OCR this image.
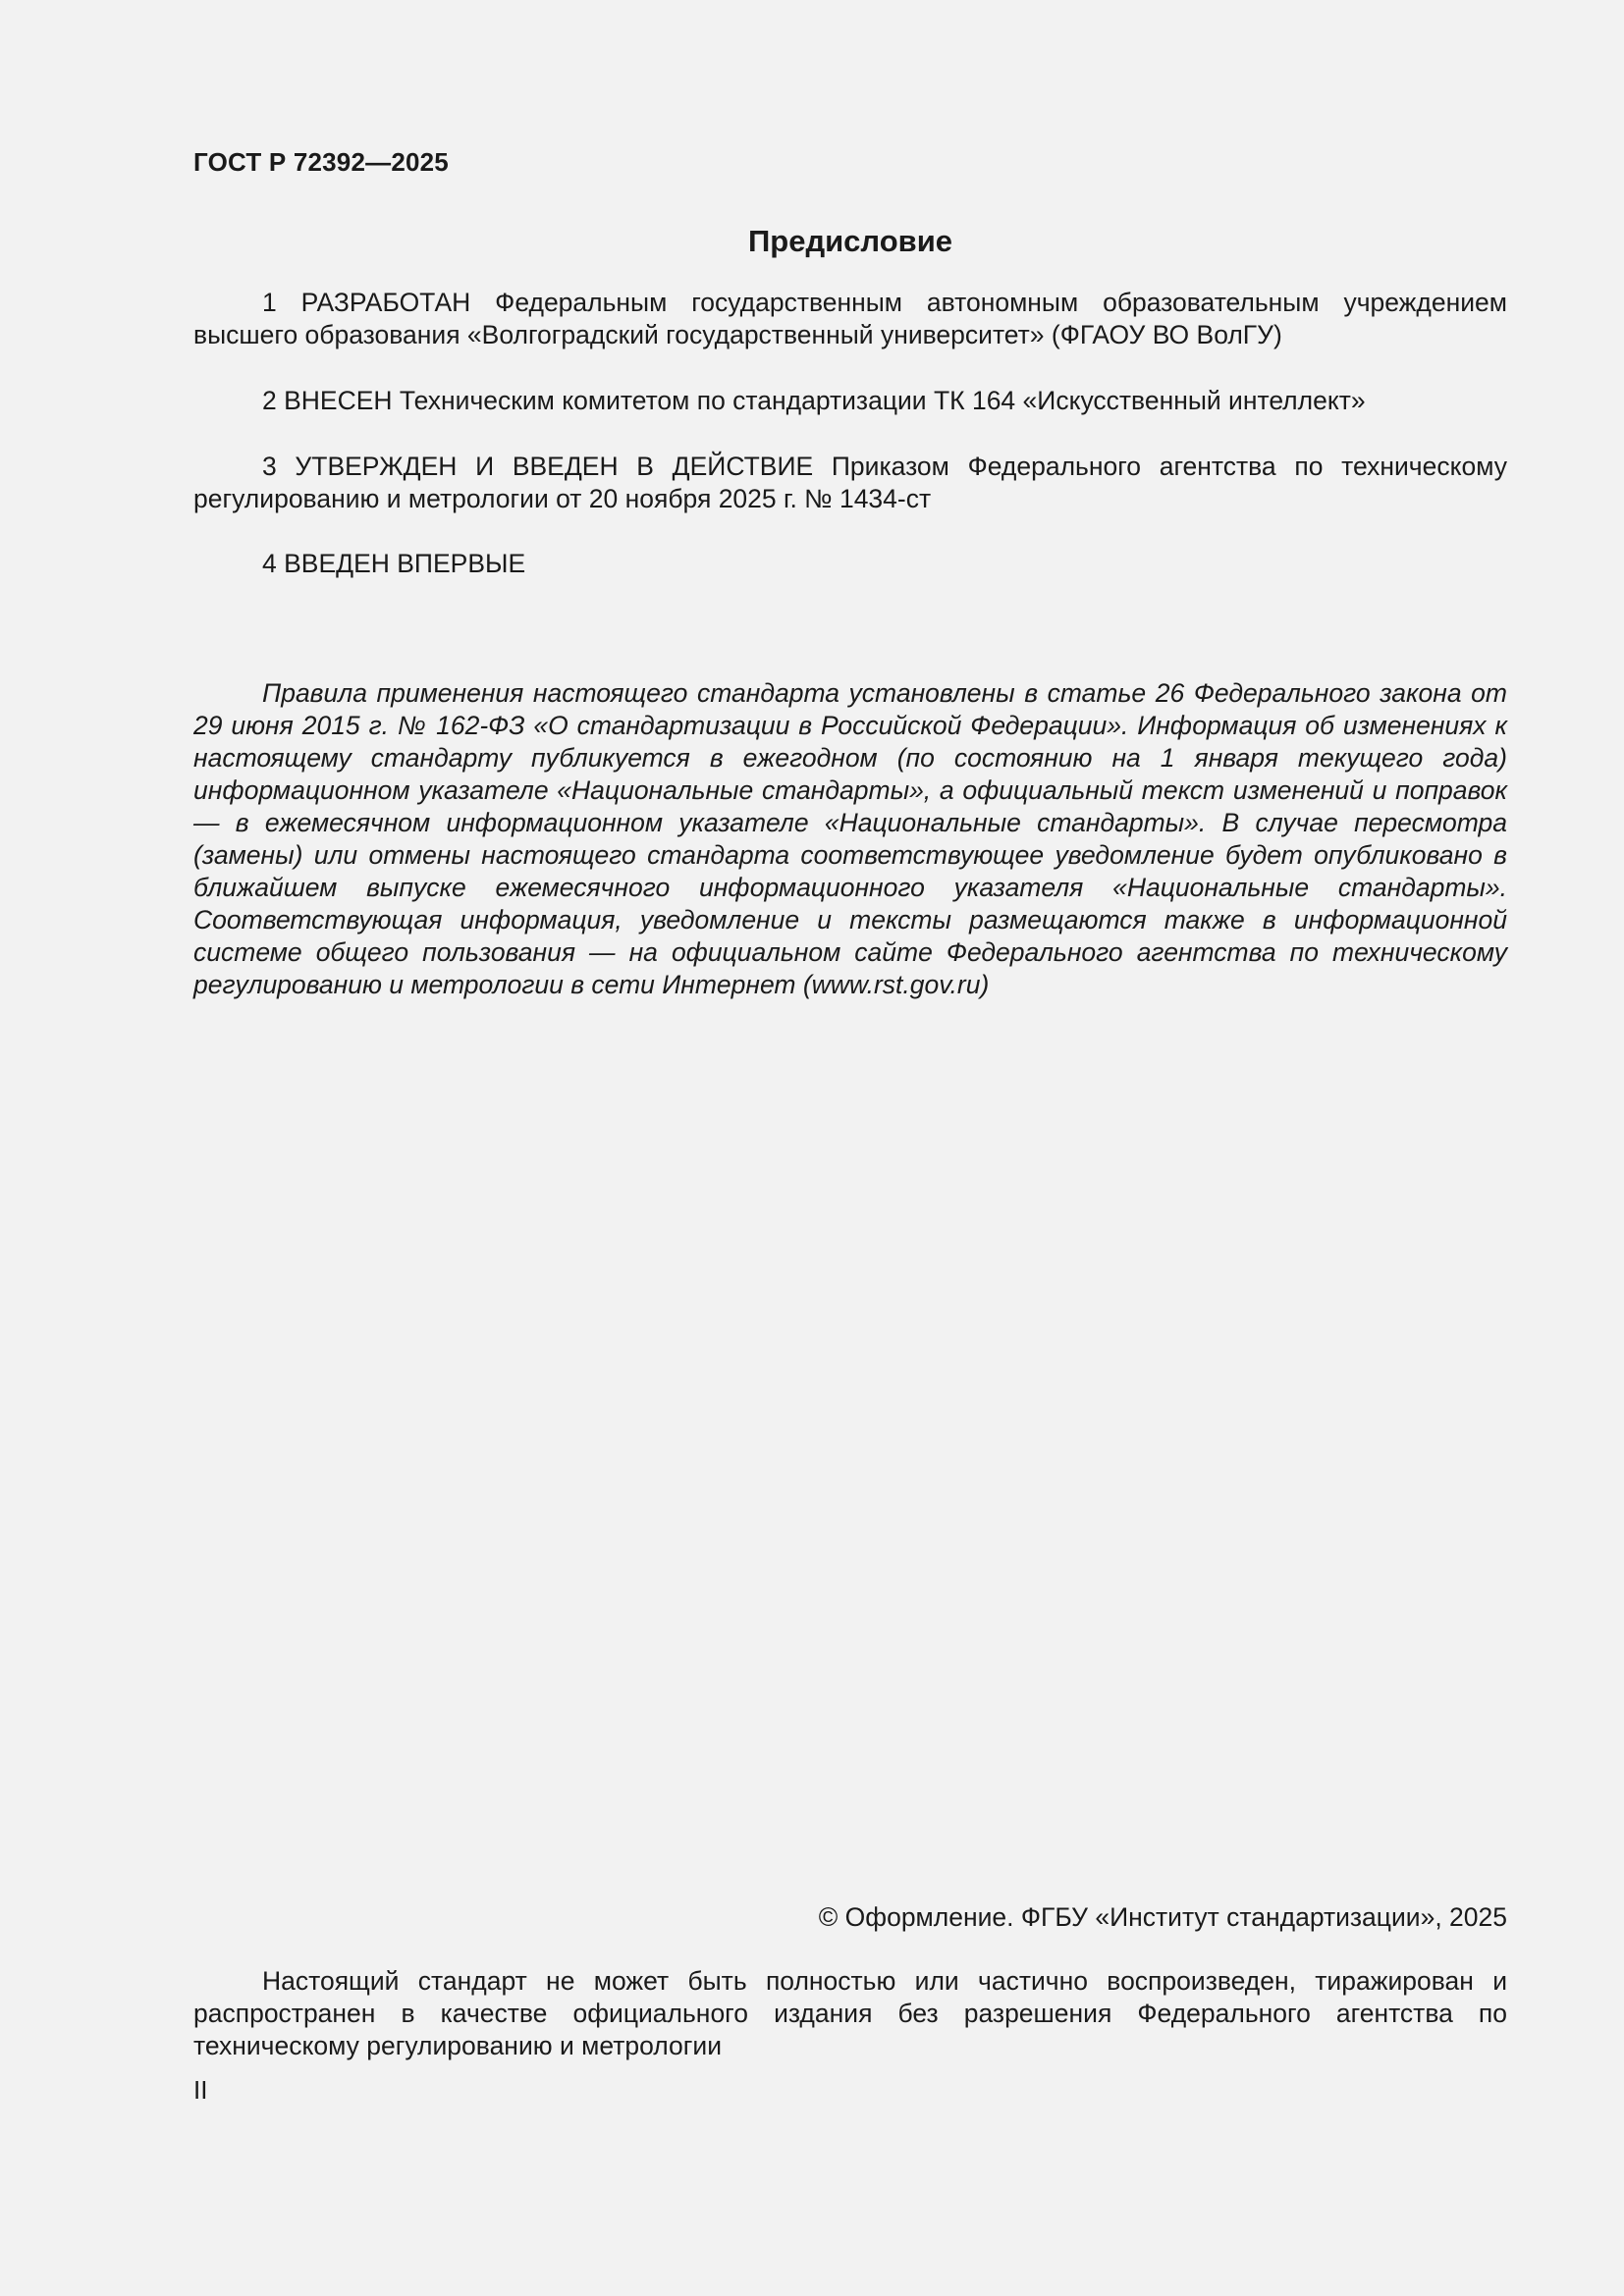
ГОСТ Р 72392—2025
Предисловие

1 РАЗРАБОТАН Федеральным государственным автономным образовательным учреждением высшего образования «Волгоградский государственный университет» (ФГАОУ ВО ВолГУ)

2 ВНЕСЕН Техническим комитетом по стандартизации ТК 164 «Искусственный интеллект»

3 УТВЕРЖДЕН И ВВЕДЕН В ДЕЙСТВИЕ Приказом Федерального агентства по техническому регулированию и метрологии от 20 ноября 2025 г. № 1434-ст

4 ВВЕДЕН ВПЕРВЫЕ

Правила применения настоящего стандарта установлены в статье 26 Федерального закона от 29 июня 2015 г. № 162-ФЗ «О стандартизации в Российской Федерации». Информация об изменениях к настоящему стандарту публикуется в ежегодном (по состоянию на 1 января текущего года) информационном указателе «Национальные стандарты», а официальный текст изменений и поправок — в ежемесячном информационном указателе «Национальные стандарты». В случае пересмотра (замены) или отмены настоящего стандарта соответствующее уведомление будет опубликовано в ближайшем выпуске ежемесячного информационного указателя «Национальные стандарты». Соответствующая информация, уведомление и тексты размещаются также в информационной системе общего пользования — на официальном сайте Федерального агентства по техническому регулированию и метрологии в сети Интернет (www.rst.gov.ru)

© Оформление. ФГБУ «Институт стандартизации», 2025

Настоящий стандарт не может быть полностью или частично воспроизведен, тиражирован и распространен в качестве официального издания без разрешения Федерального агентства по техническому регулированию и метрологии

II
